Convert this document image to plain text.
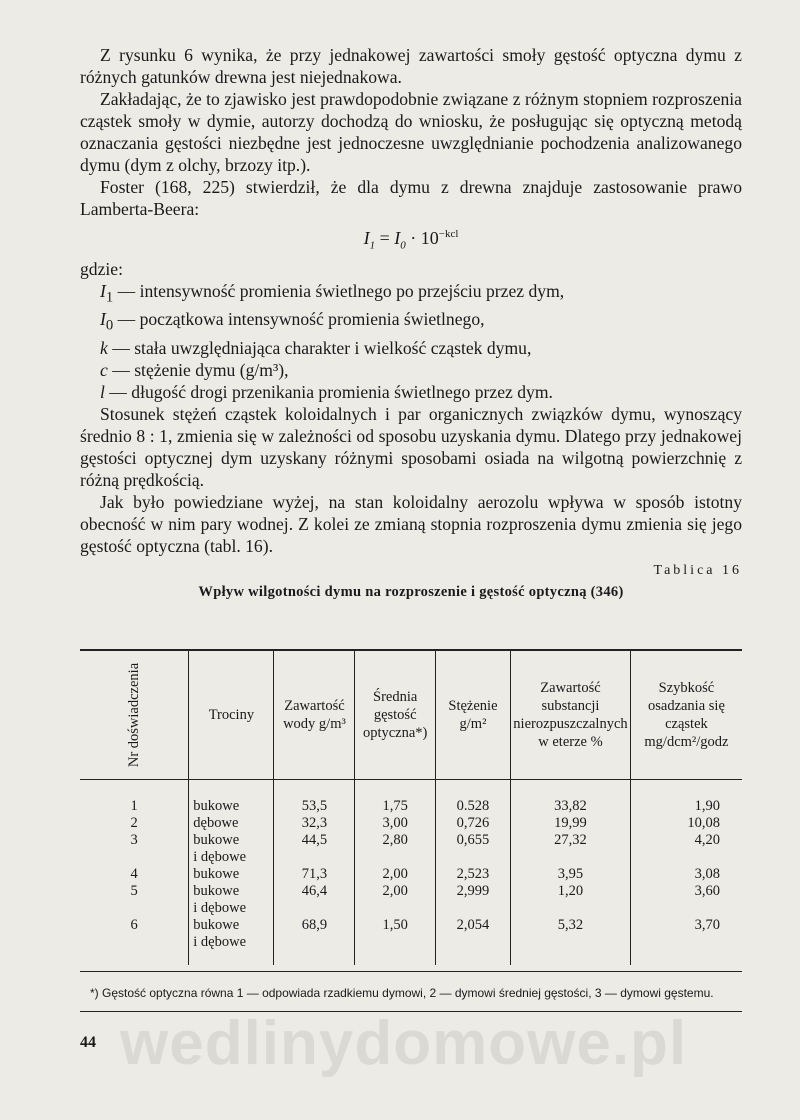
wedlinydomowe.pl

Z rysunku 6 wynika, że przy jednakowej zawartości smoły gęstość optyczna dymu z różnych gatunków drewna jest niejednakowa.

Zakładając, że to zjawisko jest prawdopodobnie związane z różnym stopniem rozproszenia cząstek smoły w dymie, autorzy dochodzą do wniosku, że posługując się optyczną metodą oznaczania gęstości niezbędne jest jednoczesne uwzględnianie pochodzenia analizowanego dymu (dym z olchy, brzozy itp.).

Foster (168, 225) stwierdził, że dla dymu z drewna znajduje zastosowanie prawo Lamberta-Beera:

$I_1 = I_0 \cdot 10^{-kcl}$
gdzie:
$I_1$ — intensywność promienia świetlnego po przejściu przez dym,
$I_0$ — początkowa intensywność promienia świetlnego,
k — stała uwzględniająca charakter i wielkość cząstek dymu,
c — stężenie dymu (g/m³),
l — długość drogi przenikania promienia świetlnego przez dym.

Stosunek stężeń cząstek koloidalnych i par organicznych związków dymu, wynoszący średnio 8 : 1, zmienia się w zależności od sposobu uzyskania dymu. Dlatego przy jednakowej gęstości optycznej dym uzyskany różnymi sposobami osiada na wilgotną powierzchnię z różną prędkością.

Jak było powiedziane wyżej, na stan koloidalny aerozolu wpływa w sposób istotny obecność w nim pary wodnej. Z kolei ze zmianą stopnia rozproszenia dymu zmienia się jego gęstość optyczna (tabl. 16).

Tablica 16
Wpływ wilgotności dymu na rozproszenie i gęstość optyczną (346)
Nr doświadczenia	Trociny	Zawartość wody g/m³	Średnia gęstość optyczna*)	Stężenie g/m²	Zawartość substancji nierozpuszczalnych w eterze %	Szybkość osadzania się cząstek mg/dcm²/godz
1	bukowe	53,5	1,75	0.528	33,82	1,90
2	dębowe	32,3	3,00	0,726	19,99	10,08
3	bukowe	44,5	2,80	0,655	27,32	4,20
	i dębowe					
4	bukowe	71,3	2,00	2,523	3,95	3,08
5	bukowe	46,4	2,00	2,999	1,20	3,60
	i dębowe					
6	bukowe	68,9	1,50	2,054	5,32	3,70
	i dębowe					
*) Gęstość optyczna równa 1 — odpowiada rzadkiemu dymowi, 2 — dymowi średniej gęstości, 3 — dymowi gęstemu.
44
